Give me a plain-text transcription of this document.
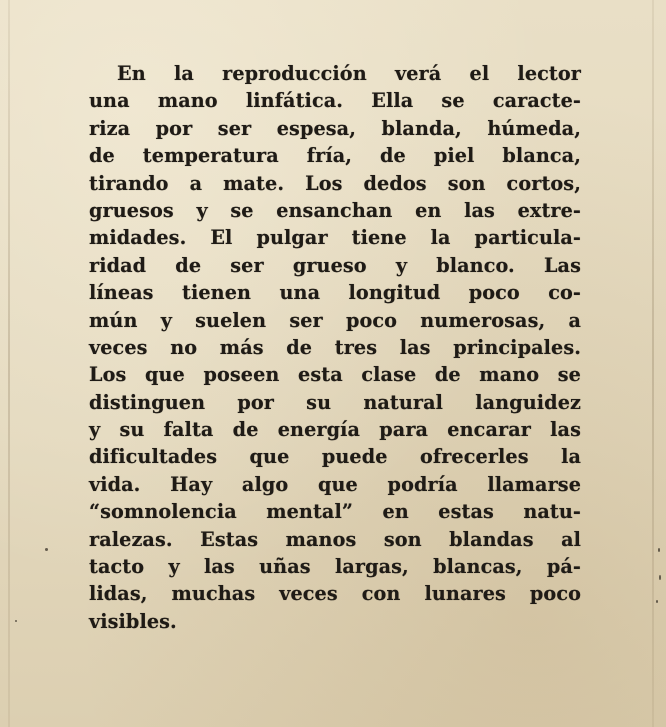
En la reproducción verá el lector
una mano linfática. Ella se caracte-
riza por ser espesa, blanda, húmeda,
de temperatura fría, de piel blanca,
tirando a mate. Los dedos son cortos,
gruesos y se ensanchan en las extre-
midades. El pulgar tiene la particula-
ridad de ser grueso y blanco. Las
líneas tienen una longitud poco co-
mún y suelen ser poco numerosas, a
veces no más de tres las principales.
Los que poseen esta clase de mano se
distinguen por su natural languidez
y su falta de energía para encarar las
dificultades que puede ofrecerles la
vida. Hay algo que podría llamarse
“somnolencia mental” en estas natu-
ralezas. Estas manos son blandas al
tacto y las uñas largas, blancas, pá-
lidas, muchas veces con lunares poco
visibles.
